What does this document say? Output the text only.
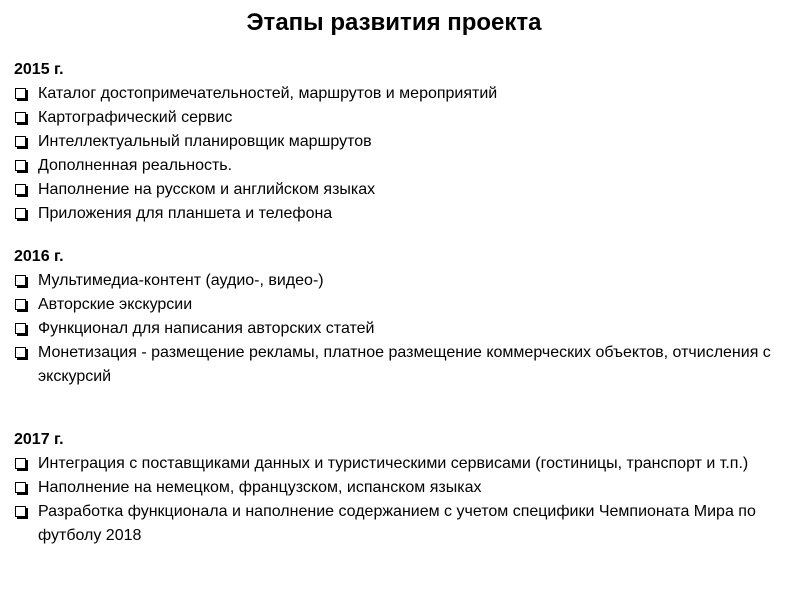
Этапы развития проекта
2015 г.
Каталог достопримечательностей, маршрутов и мероприятий
Картографический сервис
Интеллектуальный планировщик маршрутов
Дополненная реальность.
Наполнение на русском и английском языках
Приложения для планшета и телефона
2016 г.
Мультимедиа-контент (аудио-, видео-)
Авторские экскурсии
Функционал для написания авторских статей
Монетизация - размещение рекламы, платное размещение коммерческих объектов, отчисления с экскурсий
2017 г.
Интеграция с поставщиками данных и туристическими сервисами (гостиницы, транспорт и т.п.)
Наполнение на немецком, французском, испанском языках
Разработка функционала и наполнение содержанием с учетом специфики Чемпионата Мира по футболу 2018
